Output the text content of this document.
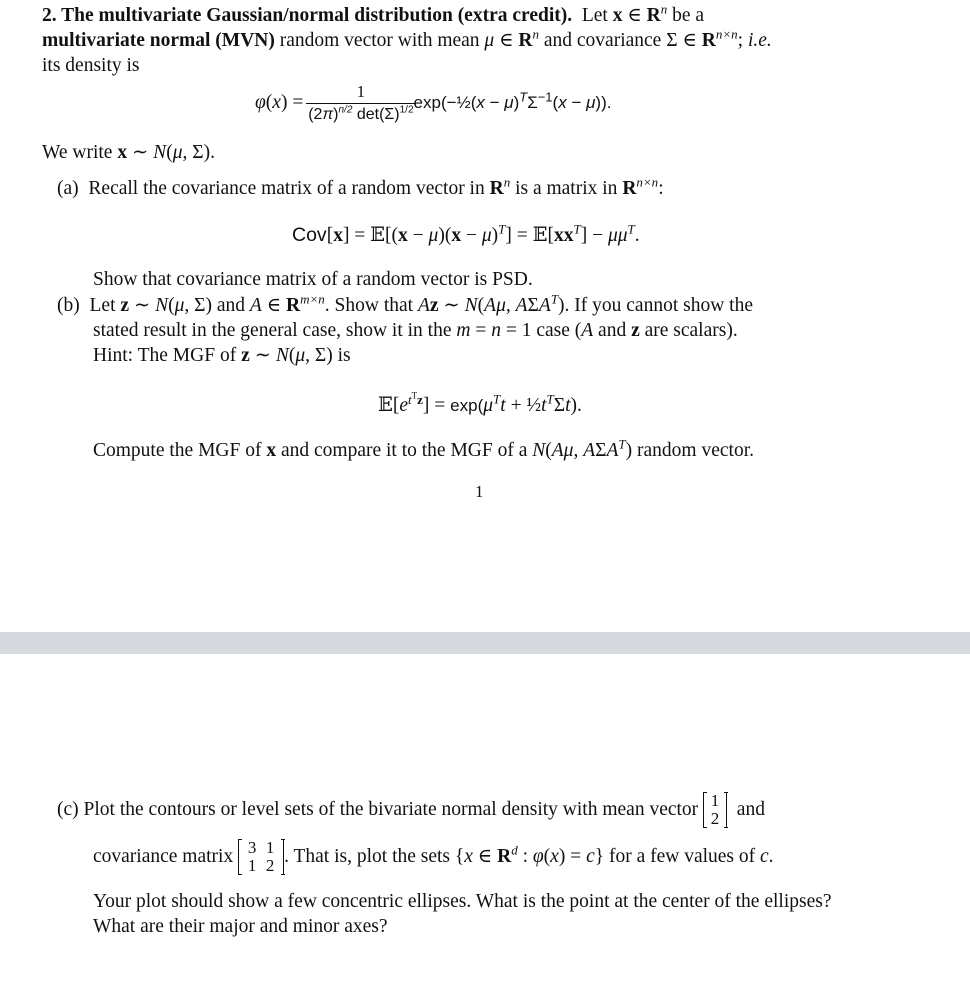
2. The multivariate Gaussian/normal distribution (extra credit). Let x ∈ $R^n$ be a
multivariate normal (MVN) random vector with mean μ ∈ $R^n$ and covariance Σ ∈ $R^{n\times n}$; i.e.
its density is
φ ( x ) =
1
$(2\pi)^{n/2}$ $\det(\Sigma)^{1/2}$ exp(−½(x − $\mu)^T\Sigma^{-1}(x - \mu)$).
We write x ∼ N(μ, Σ).
(a)  Recall the covariance matrix of a random vector in $R^n$ is a matrix in $R^{n\times n}$:
Cov[x] = 𝔼[(x − $\mu)(x - \mu)^T$] = $𝔼[xx^T] - \mu\mu^T$.
Show that covariance matrix of a random vector is PSD.
(b)  Let z ∼ N(μ, Σ) and A ∈ $R^{m\times n}$. Show that Az ∼ N(Aμ, $A\Sigma A^T$). If you cannot show the
stated result in the general case, show it in the m = n = 1 case (A and z are scalars).
Hint: The MGF of z ∼ N(μ, Σ) is
$𝔼[e^{t^Tz}] = \exp(\mu^Tt$ + $\frac{1}{2}t^T\Sigma t$).
Compute the MGF of x and compare it to the MGF of a N(Aμ, $A\Sigma A^T$) random vector.
1
(c)
Plot the contours or level sets of the bivariate normal density with mean vector
1
2
and
covariance matrix
3 1
1 2 . That is, plot the sets {x ∈ $R^d$ : φ(x) = c} for a few values of c.
Your plot should show a few concentric ellipses. What is the point at the center of the ellipses?
What are their major and minor axes?
